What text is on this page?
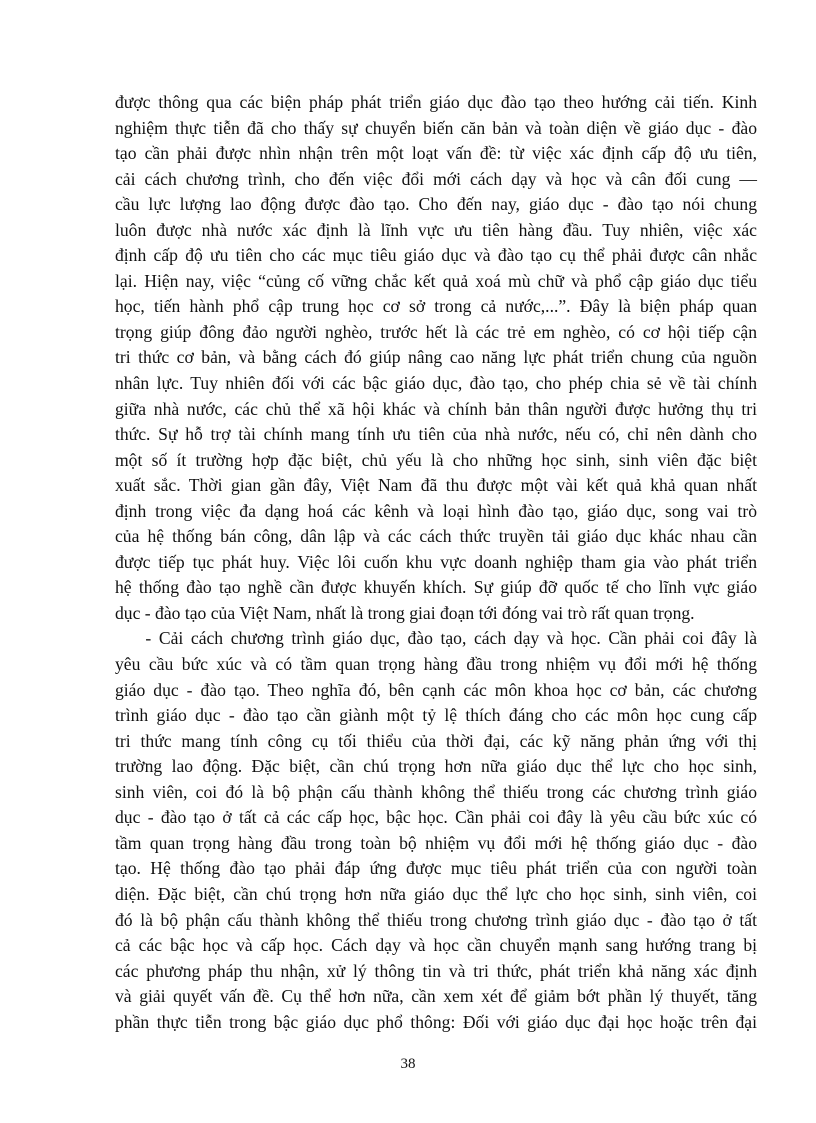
được thông qua các biện pháp phát triển giáo dục đào tạo theo hướng cải tiến. Kinh
nghiệm thực tiễn đã cho thấy sự chuyển biến căn bản và toàn diện về giáo dục - đào
tạo cần phải được nhìn nhận trên một loạt vấn đề: từ việc xác định cấp độ ưu tiên,
cải cách chương trình, cho đến việc đổi mới cách dạy và học và cân đối cung —
cầu lực lượng lao động được đào tạo. Cho đến nay, giáo dục - đào tạo nói chung
luôn được nhà nước xác định là lĩnh vực ưu tiên hàng đầu. Tuy nhiên, việc xác
định cấp độ ưu tiên cho các mục tiêu giáo dục và đào tạo cụ thể phải được cân nhắc
lại. Hiện nay, việc “củng cố vững chắc kết quả xoá mù chữ và phổ cập giáo dục tiểu
học, tiến hành phổ cập trung học cơ sở trong cả nước,...”. Đây là biện pháp quan
trọng giúp đông đảo người nghèo, trước hết là các trẻ em nghèo, có cơ hội tiếp cận
tri thức cơ bản, và bằng cách đó giúp nâng cao năng lực phát triển chung của nguồn
nhân lực. Tuy nhiên đối với các bậc giáo dục, đào tạo, cho phép chia sẻ về tài chính
giữa nhà nước, các chủ thể xã hội khác và chính bản thân người được hưởng thụ tri
thức. Sự hỗ trợ tài chính mang tính ưu tiên của nhà nước, nếu có, chỉ nên dành cho
một số ít trường hợp đặc biệt, chủ yếu là cho những học sinh, sinh viên đặc biệt
xuất sắc. Thời gian gần đây, Việt Nam đã thu được một vài kết quả khả quan nhất
định trong việc đa dạng hoá các kênh và loại hình đào tạo, giáo dục, song vai trò
của hệ thống bán công, dân lập và các cách thức truyền tải giáo dục khác nhau cần
được tiếp tục phát huy. Việc lôi cuốn khu vực doanh nghiệp tham gia vào phát triển
hệ thống đào tạo nghề cần được khuyến khích. Sự giúp đỡ quốc tế cho lĩnh vực giáo
dục - đào tạo của Việt Nam, nhất là trong giai đoạn tới đóng vai trò rất quan trọng.

- Cải cách chương trình giáo dục, đào tạo, cách dạy và học. Cần phải coi đây là
yêu cầu bức xúc và có tầm quan trọng hàng đầu trong nhiệm vụ đổi mới hệ thống
giáo dục - đào tạo. Theo nghĩa đó, bên cạnh các môn khoa học cơ bản, các chương
trình giáo dục - đào tạo cần giành một tỷ lệ thích đáng cho các môn học cung cấp
tri thức mang tính công cụ tối thiểu của thời đại, các kỹ năng phản ứng với thị
trường lao động. Đặc biệt, cần chú trọng hơn nữa giáo dục thể lực cho học sinh,
sinh viên, coi đó là bộ phận cấu thành không thể thiếu trong các chương trình giáo
dục - đào tạo ở tất cả các cấp học, bậc học. Cần phải coi đây là yêu cầu bức xúc có
tầm quan trọng hàng đầu trong toàn bộ nhiệm vụ đổi mới hệ thống giáo dục - đào
tạo. Hệ thống đào tạo phải đáp ứng được mục tiêu phát triển của con người toàn
diện. Đặc biệt, cần chú trọng hơn nữa giáo dục thể lực cho học sinh, sinh viên, coi
đó là bộ phận cấu thành không thể thiếu trong chương trình giáo dục - đào tạo ở tất
cả các bậc học và cấp học. Cách dạy và học cần chuyển mạnh sang hướng trang bị
các phương pháp thu nhận, xử lý thông tin và tri thức, phát triển khả năng xác định
và giải quyết vấn đề. Cụ thể hơn nữa, cần xem xét để giảm bớt phần lý thuyết, tăng
phần thực tiễn trong bậc giáo dục phổ thông: Đối với giáo dục đại học hoặc trên đại

38
